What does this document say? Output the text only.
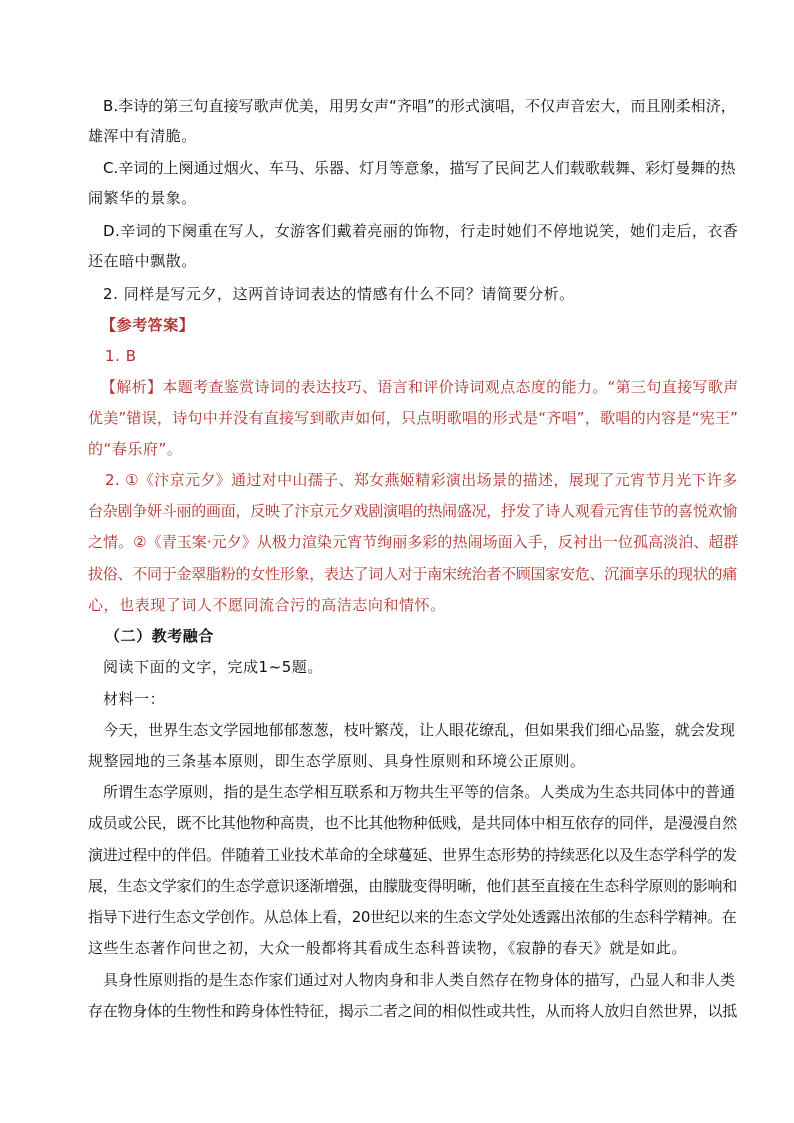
B.李诗的第三句直接写歌声优美，用男女声“齐唱”的形式演唱，不仅声音宏大，而且刚柔相济，
雄浑中有清脆。
C.辛词的上阕通过烟火、车马、乐器、灯月等意象，描写了民间艺人们载歌载舞、彩灯曼舞的热
闹繁华的景象。
D.辛词的下阕重在写人，女游客们戴着亮丽的饰物，行走时她们不停地说笑，她们走后，衣香
还在暗中飘散。
2. 同样是写元夕，这两首诗词表达的情感有什么不同？请简要分析。
【参考答案】
1. B
【解析】本题考查鉴赏诗词的表达技巧、语言和评价诗词观点态度的能力。“第三句直接写歌声
优美”错误，诗句中并没有直接写到歌声如何，只点明歌唱的形式是“齐唱”，歌唱的内容是“宪王”
的“春乐府”。
2. ①《汴京元夕》通过对中山孺子、郑女燕姬精彩演出场景的描述，展现了元宵节月光下许多
台杂剧争妍斗丽的画面，反映了汴京元夕戏剧演唱的热闹盛况，抒发了诗人观看元宵佳节的喜悦欢愉
之情。②《青玉案·元夕》从极力渲染元宵节绚丽多彩的热闹场面入手，反衬出一位孤高淡泊、超群
拔俗、不同于金翠脂粉的女性形象，表达了词人对于南宋统治者不顾国家安危、沉湎享乐的现状的痛
心，也表现了词人不愿同流合污的高洁志向和情怀。
（二）教考融合
阅读下面的文字，完成1~5题。
材料一：
今天，世界生态文学园地郁郁葱葱，枝叶繁茂，让人眼花缭乱，但如果我们细心品鉴，就会发现
规整园地的三条基本原则，即生态学原则、具身性原则和环境公正原则。
所谓生态学原则，指的是生态学相互联系和万物共生平等的信条。人类成为生态共同体中的普通
成员或公民，既不比其他物种高贵，也不比其他物种低贱，是共同体中相互依存的同伴，是漫漫自然
演进过程中的伴侣。伴随着工业技术革命的全球蔓延、世界生态形势的持续恶化以及生态学科学的发
展，生态文学家们的生态学意识逐渐增强，由朦胧变得明晰，他们甚至直接在生态科学原则的影响和
指导下进行生态文学创作。从总体上看，20世纪以来的生态文学处处透露出浓郁的生态科学精神。在
这些生态著作问世之初，大众一般都将其看成生态科普读物，《寂静的春天》就是如此。
具身性原则指的是生态作家们通过对人物肉身和非人类自然存在物身体的描写，凸显人和非人类
存在物身体的生物性和跨身体性特征，揭示二者之间的相似性或共性，从而将人放归自然世界，以抵
